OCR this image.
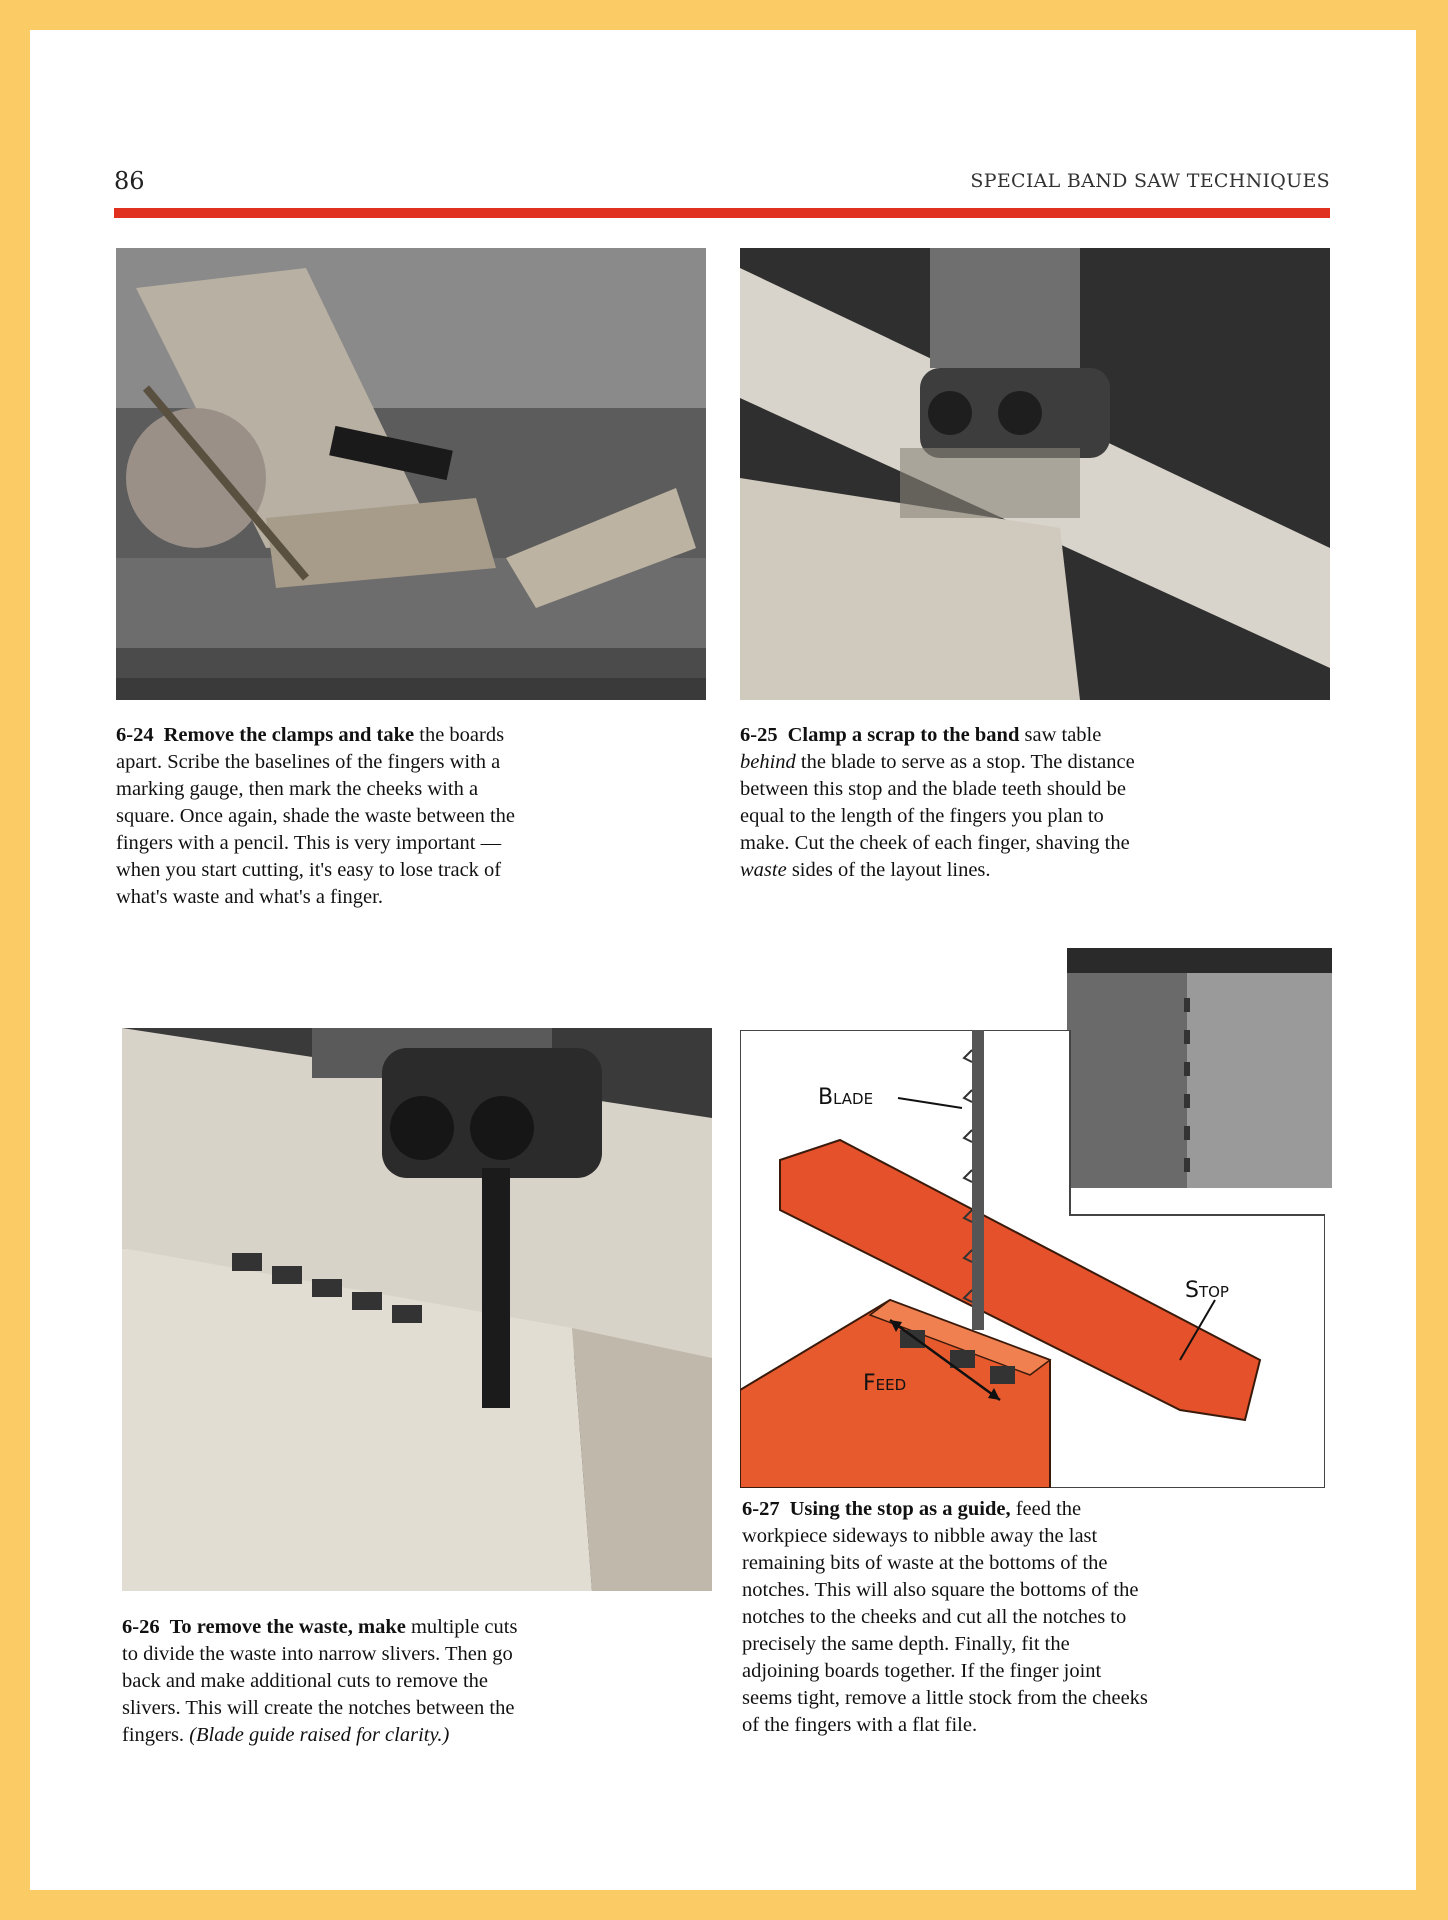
86	SPECIAL BAND SAW TECHNIQUES
6-24 Remove the clamps and take the boards apart. Scribe the baselines of the fingers with a marking gauge, then mark the cheeks with a square. Once again, shade the waste between the fingers with a pencil. This is very important — when you start cutting, it's easy to lose track of what's waste and what's a finger.
6-25 Clamp a scrap to the band saw table behind the blade to serve as a stop. The distance between this stop and the blade teeth should be equal to the length of the fingers you plan to make. Cut the cheek of each finger, shaving the waste sides of the layout lines.
Blade
Stop
Feed
6-26 To remove the waste, make multiple cuts to divide the waste into narrow slivers. Then go back and make additional cuts to remove the slivers. This will create the notches between the fingers. (Blade guide raised for clarity.)
6-27 Using the stop as a guide, feed the workpiece sideways to nibble away the last remaining bits of waste at the bottoms of the notches. This will also square the bottoms of the notches to the cheeks and cut all the notches to precisely the same depth. Finally, fit the adjoining boards together. If the finger joint seems tight, remove a little stock from the cheeks of the fingers with a flat file.
